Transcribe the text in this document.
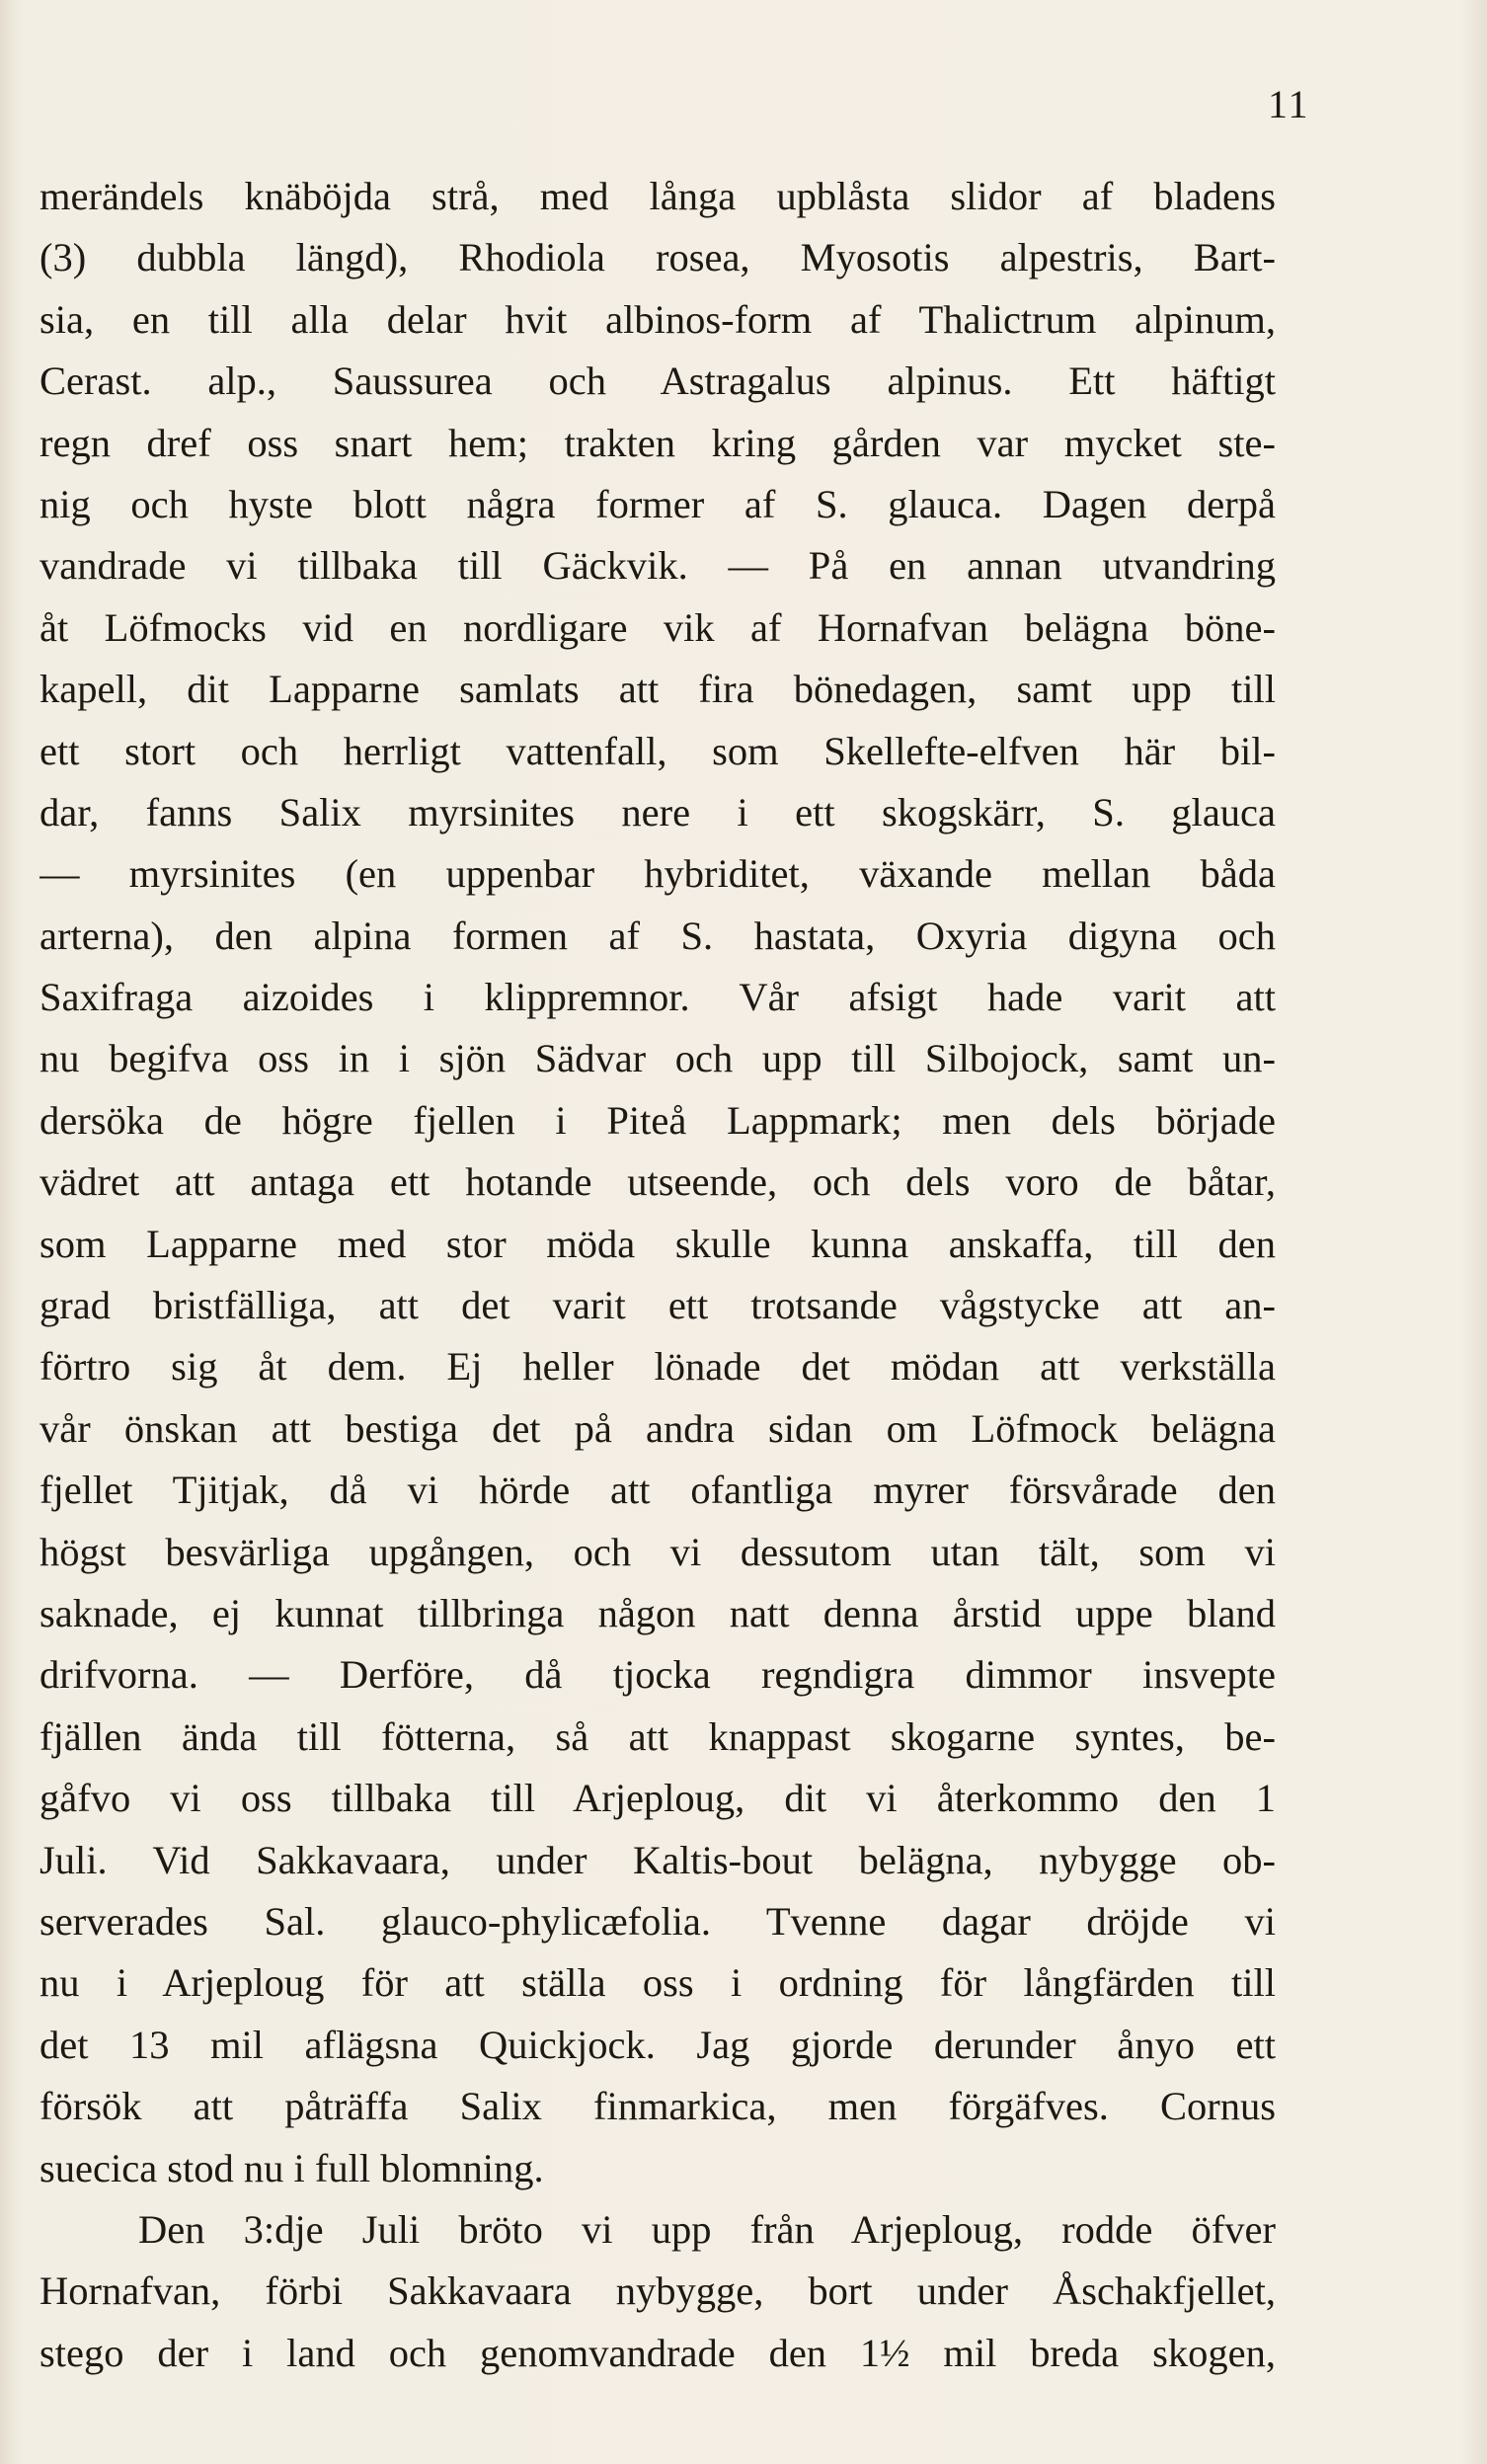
11
merändels knäböjda strå, med långa upblåsta slidor af bladens
(3) dubbla längd), Rhodiola rosea, Myosotis alpestris, Bart-
sia, en till alla delar hvit albinos-form af Thalictrum alpinum,
Cerast. alp., Saussurea och Astragalus alpinus. Ett häftigt
regn dref oss snart hem; trakten kring gården var mycket ste-
nig och hyste blott några former af S. glauca. Dagen derpå
vandrade vi tillbaka till Gäckvik. — På en annan utvandring
åt Löfmocks vid en nordligare vik af Hornafvan belägna böne-
kapell, dit Lapparne samlats att fira bönedagen, samt upp till
ett stort och herrligt vattenfall, som Skellefte-elfven här bil-
dar, fanns Salix myrsinites nere i ett skogskärr, S. glauca
— myrsinites (en uppenbar hybriditet, växande mellan båda
arterna), den alpina formen af S. hastata, Oxyria digyna och
Saxifraga aizoides i klippremnor. Vår afsigt hade varit att
nu begifva oss in i sjön Sädvar och upp till Silbojock, samt un-
dersöka de högre fjellen i Piteå Lappmark; men dels började
vädret att antaga ett hotande utseende, och dels voro de båtar,
som Lapparne med stor möda skulle kunna anskaffa, till den
grad bristfälliga, att det varit ett trotsande vågstycke att an-
förtro sig åt dem. Ej heller lönade det mödan att verkställa
vår önskan att bestiga det på andra sidan om Löfmock belägna
fjellet Tjitjak, då vi hörde att ofantliga myrer försvårade den
högst besvärliga upgången, och vi dessutom utan tält, som vi
saknade, ej kunnat tillbringa någon natt denna årstid uppe bland
drifvorna. — Derföre, då tjocka regndigra dimmor insvepte
fjällen ända till fötterna, så att knappast skogarne syntes, be-
gåfvo vi oss tillbaka till Arjeploug, dit vi återkommo den 1
Juli. Vid Sakkavaara, under Kaltis-bout belägna, nybygge ob-
serverades Sal. glauco-phylicæfolia. Tvenne dagar dröjde vi
nu i Arjeploug för att ställa oss i ordning för långfärden till
det 13 mil aflägsna Quickjock. Jag gjorde derunder ånyo ett
försök att påträffa Salix finmarkica, men förgäfves. Cornus
suecica stod nu i full blomning.
Den 3:dje Juli bröto vi upp från Arjeploug, rodde öfver
Hornafvan, förbi Sakkavaara nybygge, bort under Åschakfjellet,
stego der i land och genomvandrade den 1½ mil breda skogen,
